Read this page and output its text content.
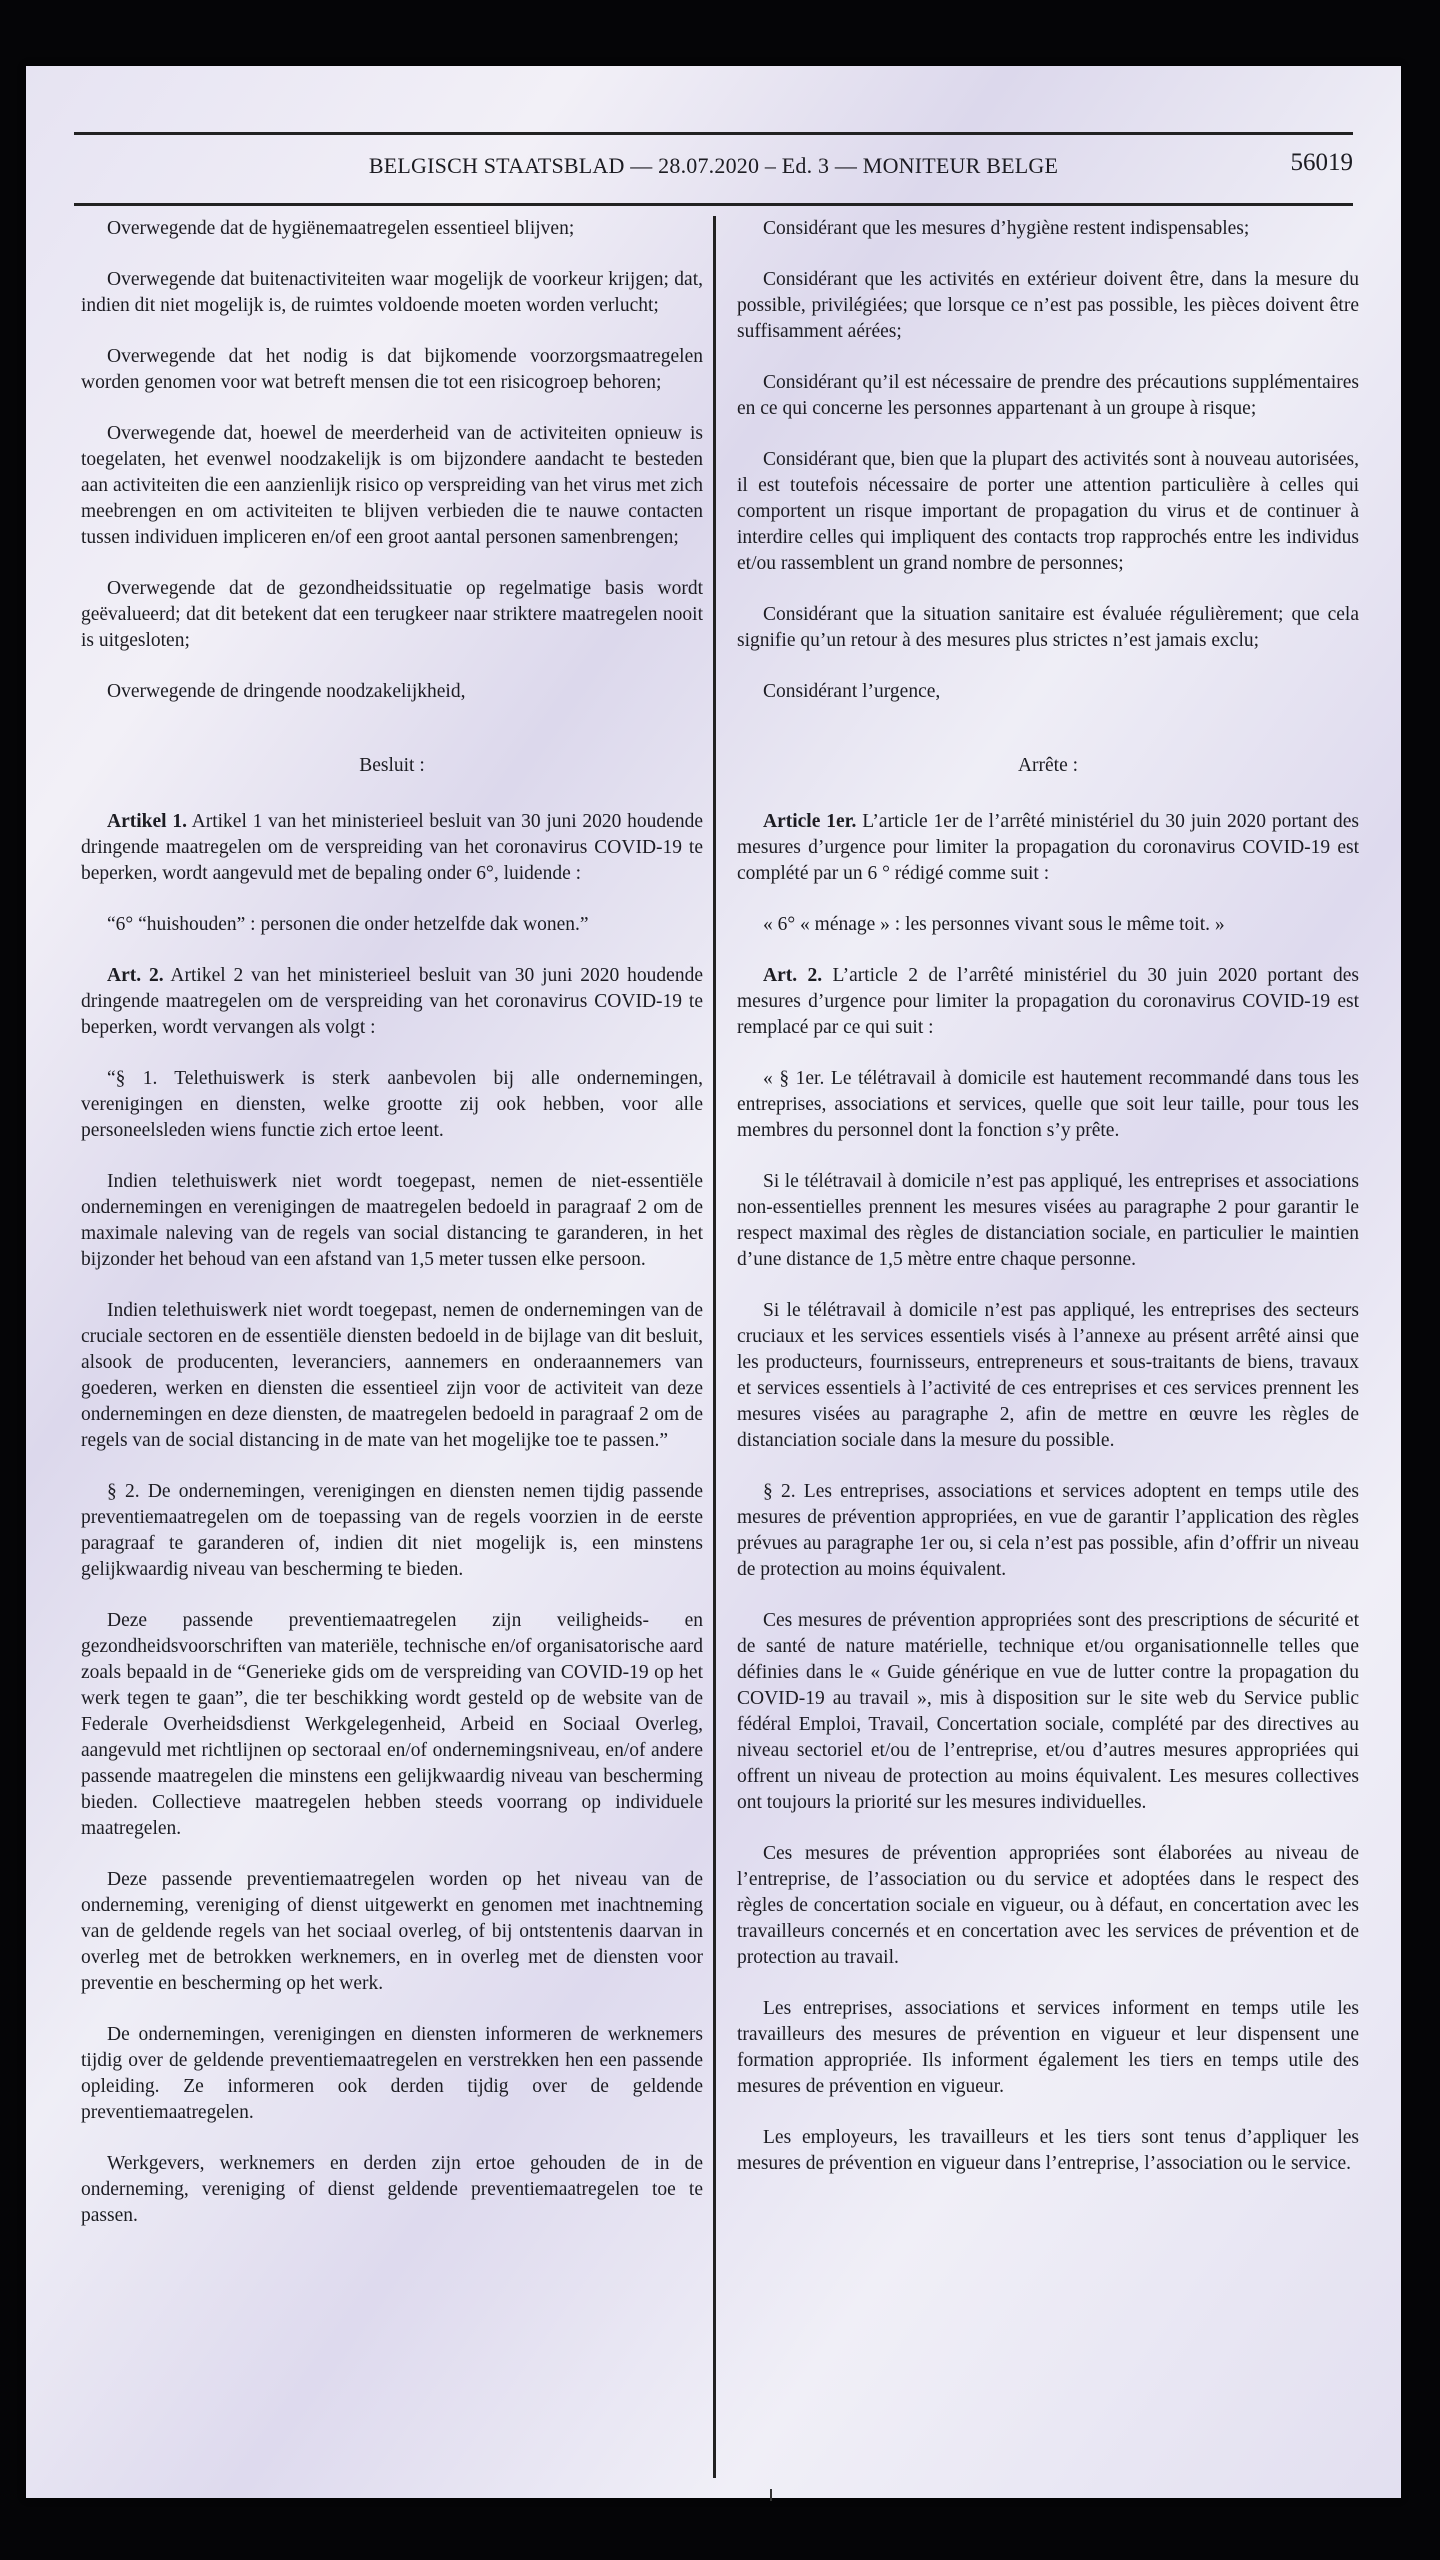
BELGISCH STAATSBLAD — 28.07.2020 – Ed. 3 — MONITEUR BELGE	56019

Overwegende dat de hygiënemaatregelen essentieel blijven;

Overwegende dat buitenactiviteiten waar mogelijk de voorkeur krijgen; dat, indien dit niet mogelijk is, de ruimtes voldoende moeten worden verlucht;

Overwegende dat het nodig is dat bijkomende voorzorgsmaatregelen worden genomen voor wat betreft mensen die tot een risicogroep behoren;

Overwegende dat, hoewel de meerderheid van de activiteiten opnieuw is toegelaten, het evenwel noodzakelijk is om bijzondere aandacht te besteden aan activiteiten die een aanzienlijk risico op verspreiding van het virus met zich meebrengen en om activiteiten te blijven verbieden die te nauwe contacten tussen individuen impliceren en/of een groot aantal personen samenbrengen;

Overwegende dat de gezondheidssituatie op regelmatige basis wordt geëvalueerd; dat dit betekent dat een terugkeer naar striktere maatregelen nooit is uitgesloten;

Overwegende de dringende noodzakelijkheid,

Besluit :

Artikel 1. Artikel 1 van het ministerieel besluit van 30 juni 2020 houdende dringende maatregelen om de verspreiding van het coronavirus COVID-19 te beperken, wordt aangevuld met de bepaling onder 6°, luidende :

“6° “huishouden” : personen die onder hetzelfde dak wonen.”

Art. 2. Artikel 2 van het ministerieel besluit van 30 juni 2020 houdende dringende maatregelen om de verspreiding van het coronavirus COVID-19 te beperken, wordt vervangen als volgt :

“§ 1. Telethuiswerk is sterk aanbevolen bij alle ondernemingen, verenigingen en diensten, welke grootte zij ook hebben, voor alle personeelsleden wiens functie zich ertoe leent.

Indien telethuiswerk niet wordt toegepast, nemen de niet-essentiële ondernemingen en verenigingen de maatregelen bedoeld in paragraaf 2 om de maximale naleving van de regels van social distancing te garanderen, in het bijzonder het behoud van een afstand van 1,5 meter tussen elke persoon.

Indien telethuiswerk niet wordt toegepast, nemen de ondernemingen van de cruciale sectoren en de essentiële diensten bedoeld in de bijlage van dit besluit, alsook de producenten, leveranciers, aannemers en onderaannemers van goederen, werken en diensten die essentieel zijn voor de activiteit van deze ondernemingen en deze diensten, de maatregelen bedoeld in paragraaf 2 om de regels van de social distancing in de mate van het mogelijke toe te passen.”

§ 2. De ondernemingen, verenigingen en diensten nemen tijdig passende preventiemaatregelen om de toepassing van de regels voorzien in de eerste paragraaf te garanderen of, indien dit niet mogelijk is, een minstens gelijkwaardig niveau van bescherming te bieden.

Deze passende preventiemaatregelen zijn veiligheids- en gezondheidsvoorschriften van materiële, technische en/of organisatorische aard zoals bepaald in de “Generieke gids om de verspreiding van COVID-19 op het werk tegen te gaan”, die ter beschikking wordt gesteld op de website van de Federale Overheidsdienst Werkgelegenheid, Arbeid en Sociaal Overleg, aangevuld met richtlijnen op sectoraal en/of ondernemingsniveau, en/of andere passende maatregelen die minstens een gelijkwaardig niveau van bescherming bieden. Collectieve maatregelen hebben steeds voorrang op individuele maatregelen.

Deze passende preventiemaatregelen worden op het niveau van de onderneming, vereniging of dienst uitgewerkt en genomen met inachtneming van de geldende regels van het sociaal overleg, of bij ontstentenis daarvan in overleg met de betrokken werknemers, en in overleg met de diensten voor preventie en bescherming op het werk.

De ondernemingen, verenigingen en diensten informeren de werknemers tijdig over de geldende preventiemaatregelen en verstrekken hen een passende opleiding. Ze informeren ook derden tijdig over de geldende preventiemaatregelen.

Werkgevers, werknemers en derden zijn ertoe gehouden de in de onderneming, vereniging of dienst geldende preventiemaatregelen toe te passen.

Considérant que les mesures d’hygiène restent indispensables;

Considérant que les activités en extérieur doivent être, dans la mesure du possible, privilégiées; que lorsque ce n’est pas possible, les pièces doivent être suffisamment aérées;

Considérant qu’il est nécessaire de prendre des précautions supplémentaires en ce qui concerne les personnes appartenant à un groupe à risque;

Considérant que, bien que la plupart des activités sont à nouveau autorisées, il est toutefois nécessaire de porter une attention particulière à celles qui comportent un risque important de propagation du virus et de continuer à interdire celles qui impliquent des contacts trop rapprochés entre les individus et/ou rassemblent un grand nombre de personnes;

Considérant que la situation sanitaire est évaluée régulièrement; que cela signifie qu’un retour à des mesures plus strictes n’est jamais exclu;

Considérant l’urgence,

Arrête :

Article 1er. L’article 1er de l’arrêté ministériel du 30 juin 2020 portant des mesures d’urgence pour limiter la propagation du coronavirus COVID-19 est complété par un 6 ° rédigé comme suit :

« 6° « ménage » : les personnes vivant sous le même toit. »

Art. 2. L’article 2 de l’arrêté ministériel du 30 juin 2020 portant des mesures d’urgence pour limiter la propagation du coronavirus COVID-19 est remplacé par ce qui suit :

« § 1er. Le télétravail à domicile est hautement recommandé dans tous les entreprises, associations et services, quelle que soit leur taille, pour tous les membres du personnel dont la fonction s’y prête.

Si le télétravail à domicile n’est pas appliqué, les entreprises et associations non-essentielles prennent les mesures visées au paragraphe 2 pour garantir le respect maximal des règles de distanciation sociale, en particulier le maintien d’une distance de 1,5 mètre entre chaque personne.

Si le télétravail à domicile n’est pas appliqué, les entreprises des secteurs cruciaux et les services essentiels visés à l’annexe au présent arrêté ainsi que les producteurs, fournisseurs, entrepreneurs et sous-traitants de biens, travaux et services essentiels à l’activité de ces entreprises et ces services prennent les mesures visées au paragraphe 2, afin de mettre en œuvre les règles de distanciation sociale dans la mesure du possible.

§ 2. Les entreprises, associations et services adoptent en temps utile des mesures de prévention appropriées, en vue de garantir l’application des règles prévues au paragraphe 1er ou, si cela n’est pas possible, afin d’offrir un niveau de protection au moins équivalent.

Ces mesures de prévention appropriées sont des prescriptions de sécurité et de santé de nature matérielle, technique et/ou organisationnelle telles que définies dans le « Guide générique en vue de lutter contre la propagation du COVID-19 au travail », mis à disposition sur le site web du Service public fédéral Emploi, Travail, Concertation sociale, complété par des directives au niveau sectoriel et/ou de l’entreprise, et/ou d’autres mesures appropriées qui offrent un niveau de protection au moins équivalent. Les mesures collectives ont toujours la priorité sur les mesures individuelles.

Ces mesures de prévention appropriées sont élaborées au niveau de l’entreprise, de l’association ou du service et adoptées dans le respect des règles de concertation sociale en vigueur, ou à défaut, en concertation avec les travailleurs concernés et en concertation avec les services de prévention et de protection au travail.

Les entreprises, associations et services informent en temps utile les travailleurs des mesures de prévention en vigueur et leur dispensent une formation appropriée. Ils informent également les tiers en temps utile des mesures de prévention en vigueur.

Les employeurs, les travailleurs et les tiers sont tenus d’appliquer les mesures de prévention en vigueur dans l’entreprise, l’association ou le service.
